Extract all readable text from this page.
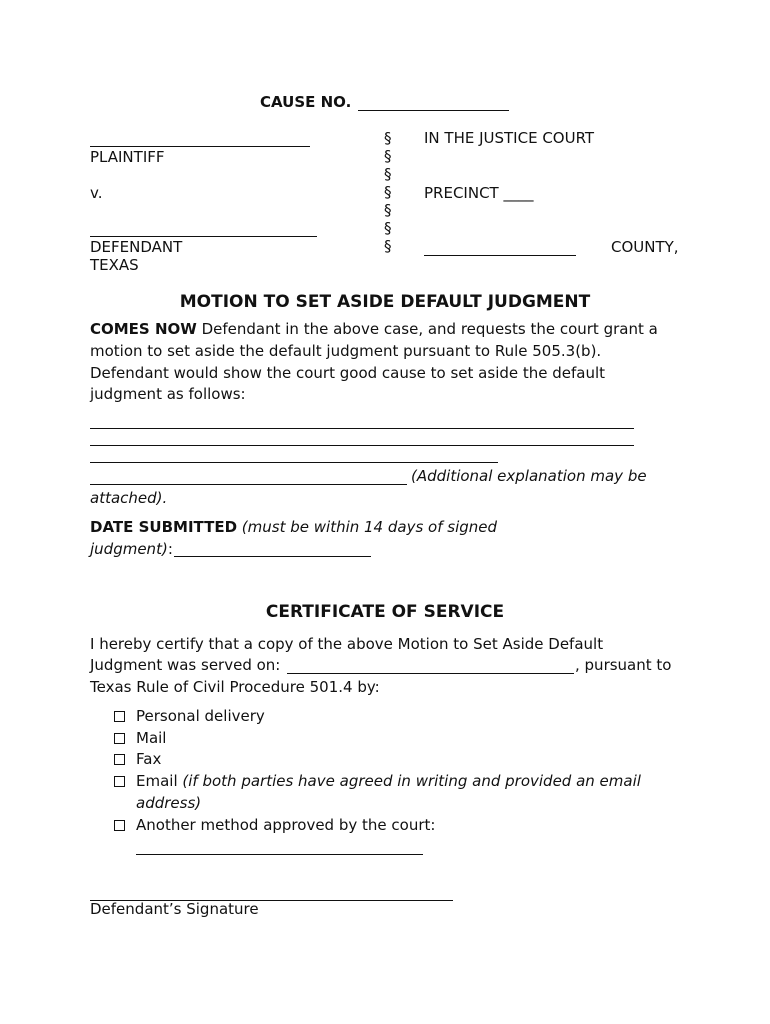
CAUSE NO.
PLAINTIFF
v.
DEFENDANT
TEXAS
§
§
§
§
§
§
§
IN THE JUSTICE COURT
PRECINCT ____
COUNTY,
MOTION TO SET ASIDE DEFAULT JUDGMENT
COMES NOW Defendant in the above case, and requests the court grant a
motion to set aside the default judgment pursuant to Rule 505.3(b).
Defendant would show the court good cause to set aside the default
judgment as follows:
(Additional explanation may be
attached).
DATE SUBMITTED (must be within 14 days of signed
judgment):
CERTIFICATE OF SERVICE
I hereby certify that a copy of the above Motion to Set Aside Default
Judgment was served on:	, pursuant to
Texas Rule of Civil Procedure 501.4 by:
Personal delivery
Mail
Fax
Email (if both parties have agreed in writing and provided an email
address)
Another method approved by the court:
Defendant’s Signature
